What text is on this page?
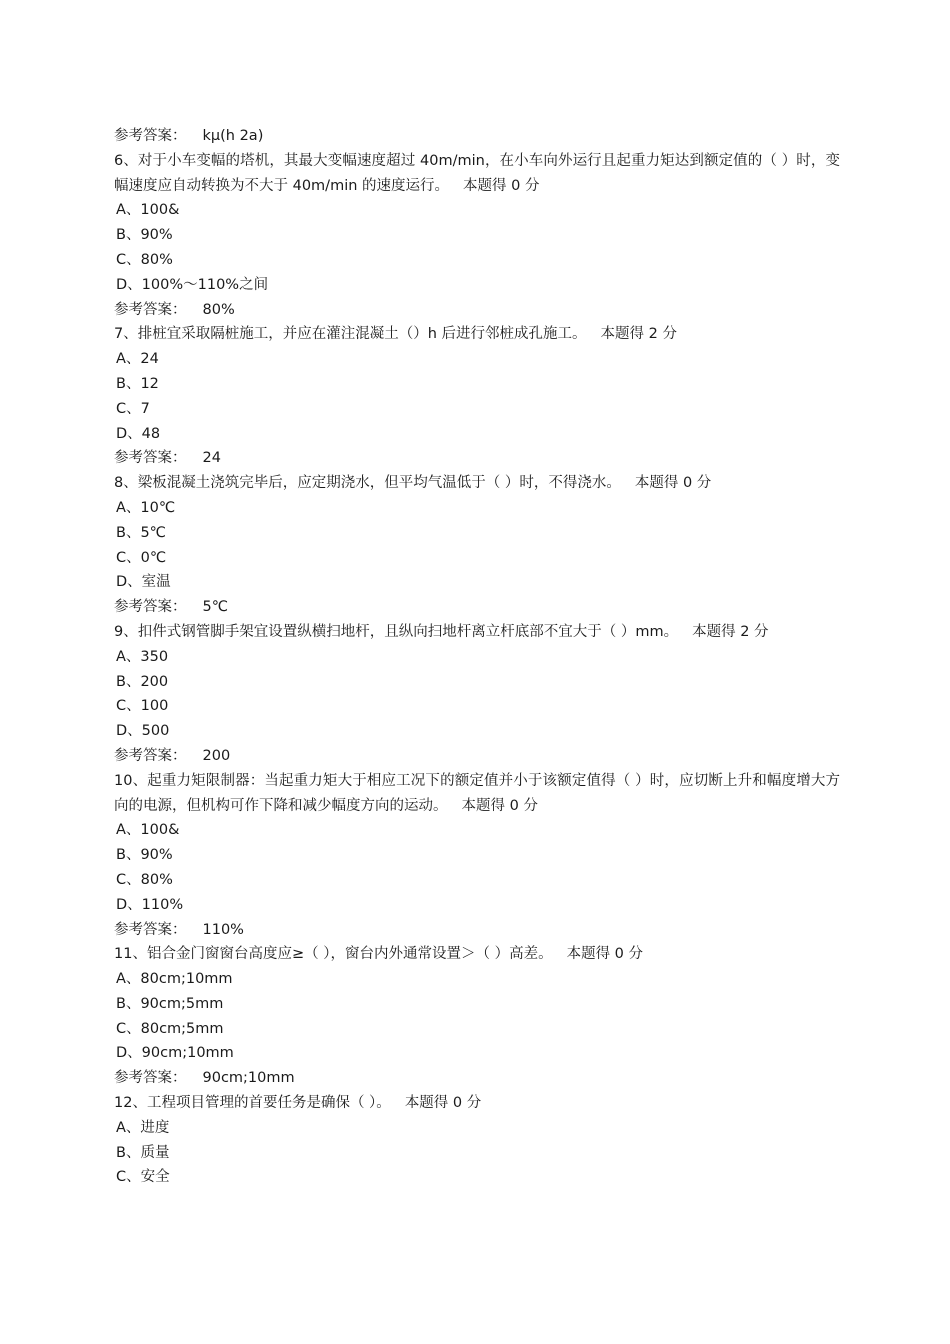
参考答案： kμ(h 2a)

6、对于小车变幅的塔机，其最大变幅速度超过 40m/min，在小车向外运行且起重力矩达到额定值的（ ）时，变幅速度应自动转换为不大于 40m/min 的速度运行。 本题得 0 分

A、100&

B、90%

C、80%

D、100%～110%之间

参考答案： 80%

7、排桩宜采取隔桩施工，并应在灌注混凝土（）h 后进行邻桩成孔施工。 本题得 2 分

A、24

B、12

C、7

D、48

参考答案： 24

8、梁板混凝土浇筑完毕后，应定期浇水，但平均气温低于（ ）时，不得浇水。 本题得 0 分

A、10℃

B、5℃

C、0℃

D、室温

参考答案： 5℃

9、扣件式钢管脚手架宜设置纵横扫地杆，且纵向扫地杆离立杆底部不宜大于（ ）mm。 本题得 2 分

A、350

B、200

C、100

D、500

参考答案： 200

10、起重力矩限制器：当起重力矩大于相应工况下的额定值并小于该额定值得（ ）时，应切断上升和幅度增大方向的电源，但机构可作下降和减少幅度方向的运动。 本题得 0 分

A、100&

B、90%

C、80%

D、110%

参考答案： 110%

11、铝合金门窗窗台高度应≥（ ），窗台内外通常设置＞（ ）高差。 本题得 0 分

A、80cm;10mm

B、90cm;5mm

C、80cm;5mm

D、90cm;10mm

参考答案： 90cm;10mm

12、工程项目管理的首要任务是确保（ ）。 本题得 0 分

A、进度

B、质量

C、安全
